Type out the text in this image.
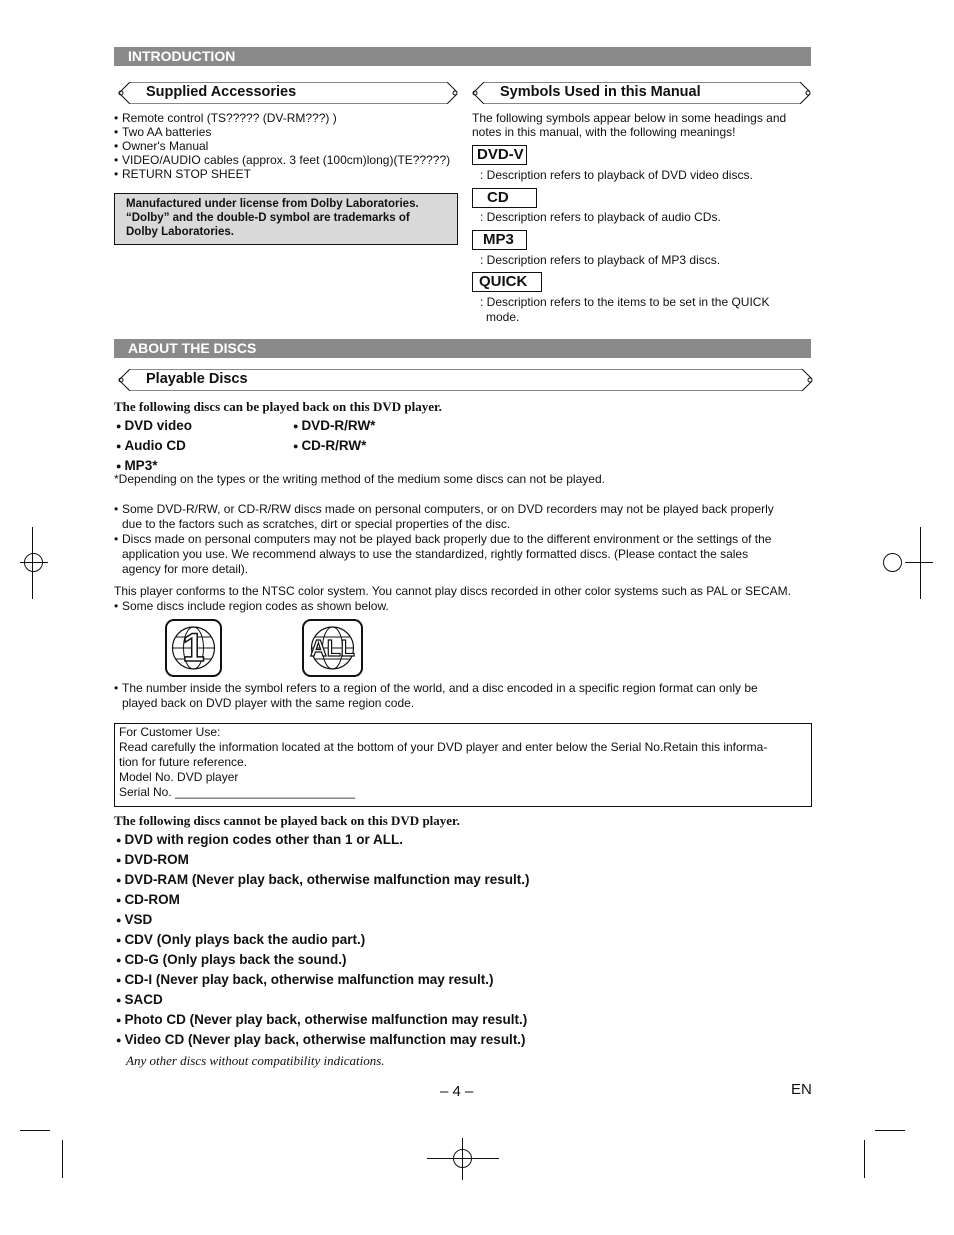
INTRODUCTION
Supplied Accessories
• Remote control (TS????? (DV-RM???) )
• Two AA batteries
• Owner's Manual
• VIDEO/AUDIO cables (approx. 3 feet (100cm)long)(TE?????)
• RETURN STOP SHEET
Manufactured under license from Dolby Laboratories.
“Dolby” and the double-D symbol are trademarks of
Dolby Laboratories.
Symbols Used in this Manual
The following symbols appear below in some headings and
notes in this manual, with the following meanings!
DVD-V
: Description refers to playback of DVD video discs.
CD
: Description refers to playback of audio CDs.
MP3
: Description refers to playback of MP3 discs.
QUICK
: Description refers to the items to be set in the QUICK
mode.
ABOUT THE DISCS
Playable Discs
The following discs can be played back on this DVD player.
● DVD video
● Audio CD
● MP3*
● DVD-R/RW*
● CD-R/RW*
*Depending on the types or the writing method of the medium some discs can not be played.
• Some DVD-R/RW, or CD-R/RW discs made on personal computers, or on DVD recorders may not be played back properly
due to the factors such as scratches, dirt or special properties of the disc.
• Discs made on personal computers may not be played back properly due to the different environment or the settings of the
application you use. We recommend always to use the standardized, rightly formatted discs. (Please contact the sales
agency for more detail).
This player conforms to the NTSC color system. You cannot play discs recorded in other color systems such as PAL or SECAM.
• Some discs include region codes as shown below.
1	ALL
• The number inside the symbol refers to a region of the world, and a disc encoded in a specific region format can only be
played back on DVD player with the same region code.
For Customer Use:
Read carefully the information located at the bottom of your DVD player and enter below the Serial No.Retain this informa-
tion for future reference.
Model No. DVD player
Serial No. ___________________________
The following discs cannot be played back on this DVD player.
● DVD with region codes other than 1 or ALL.
● DVD-ROM
● DVD-RAM (Never play back, otherwise malfunction may result.)
● CD-ROM
● VSD
● CDV (Only plays back the audio part.)
● CD-G (Only plays back the sound.)
● CD-I (Never play back, otherwise malfunction may result.)
● SACD
● Photo CD (Never play back, otherwise malfunction may result.)
● Video CD (Never play back, otherwise malfunction may result.)
Any other discs without compatibility indications.
– 4 –	EN
